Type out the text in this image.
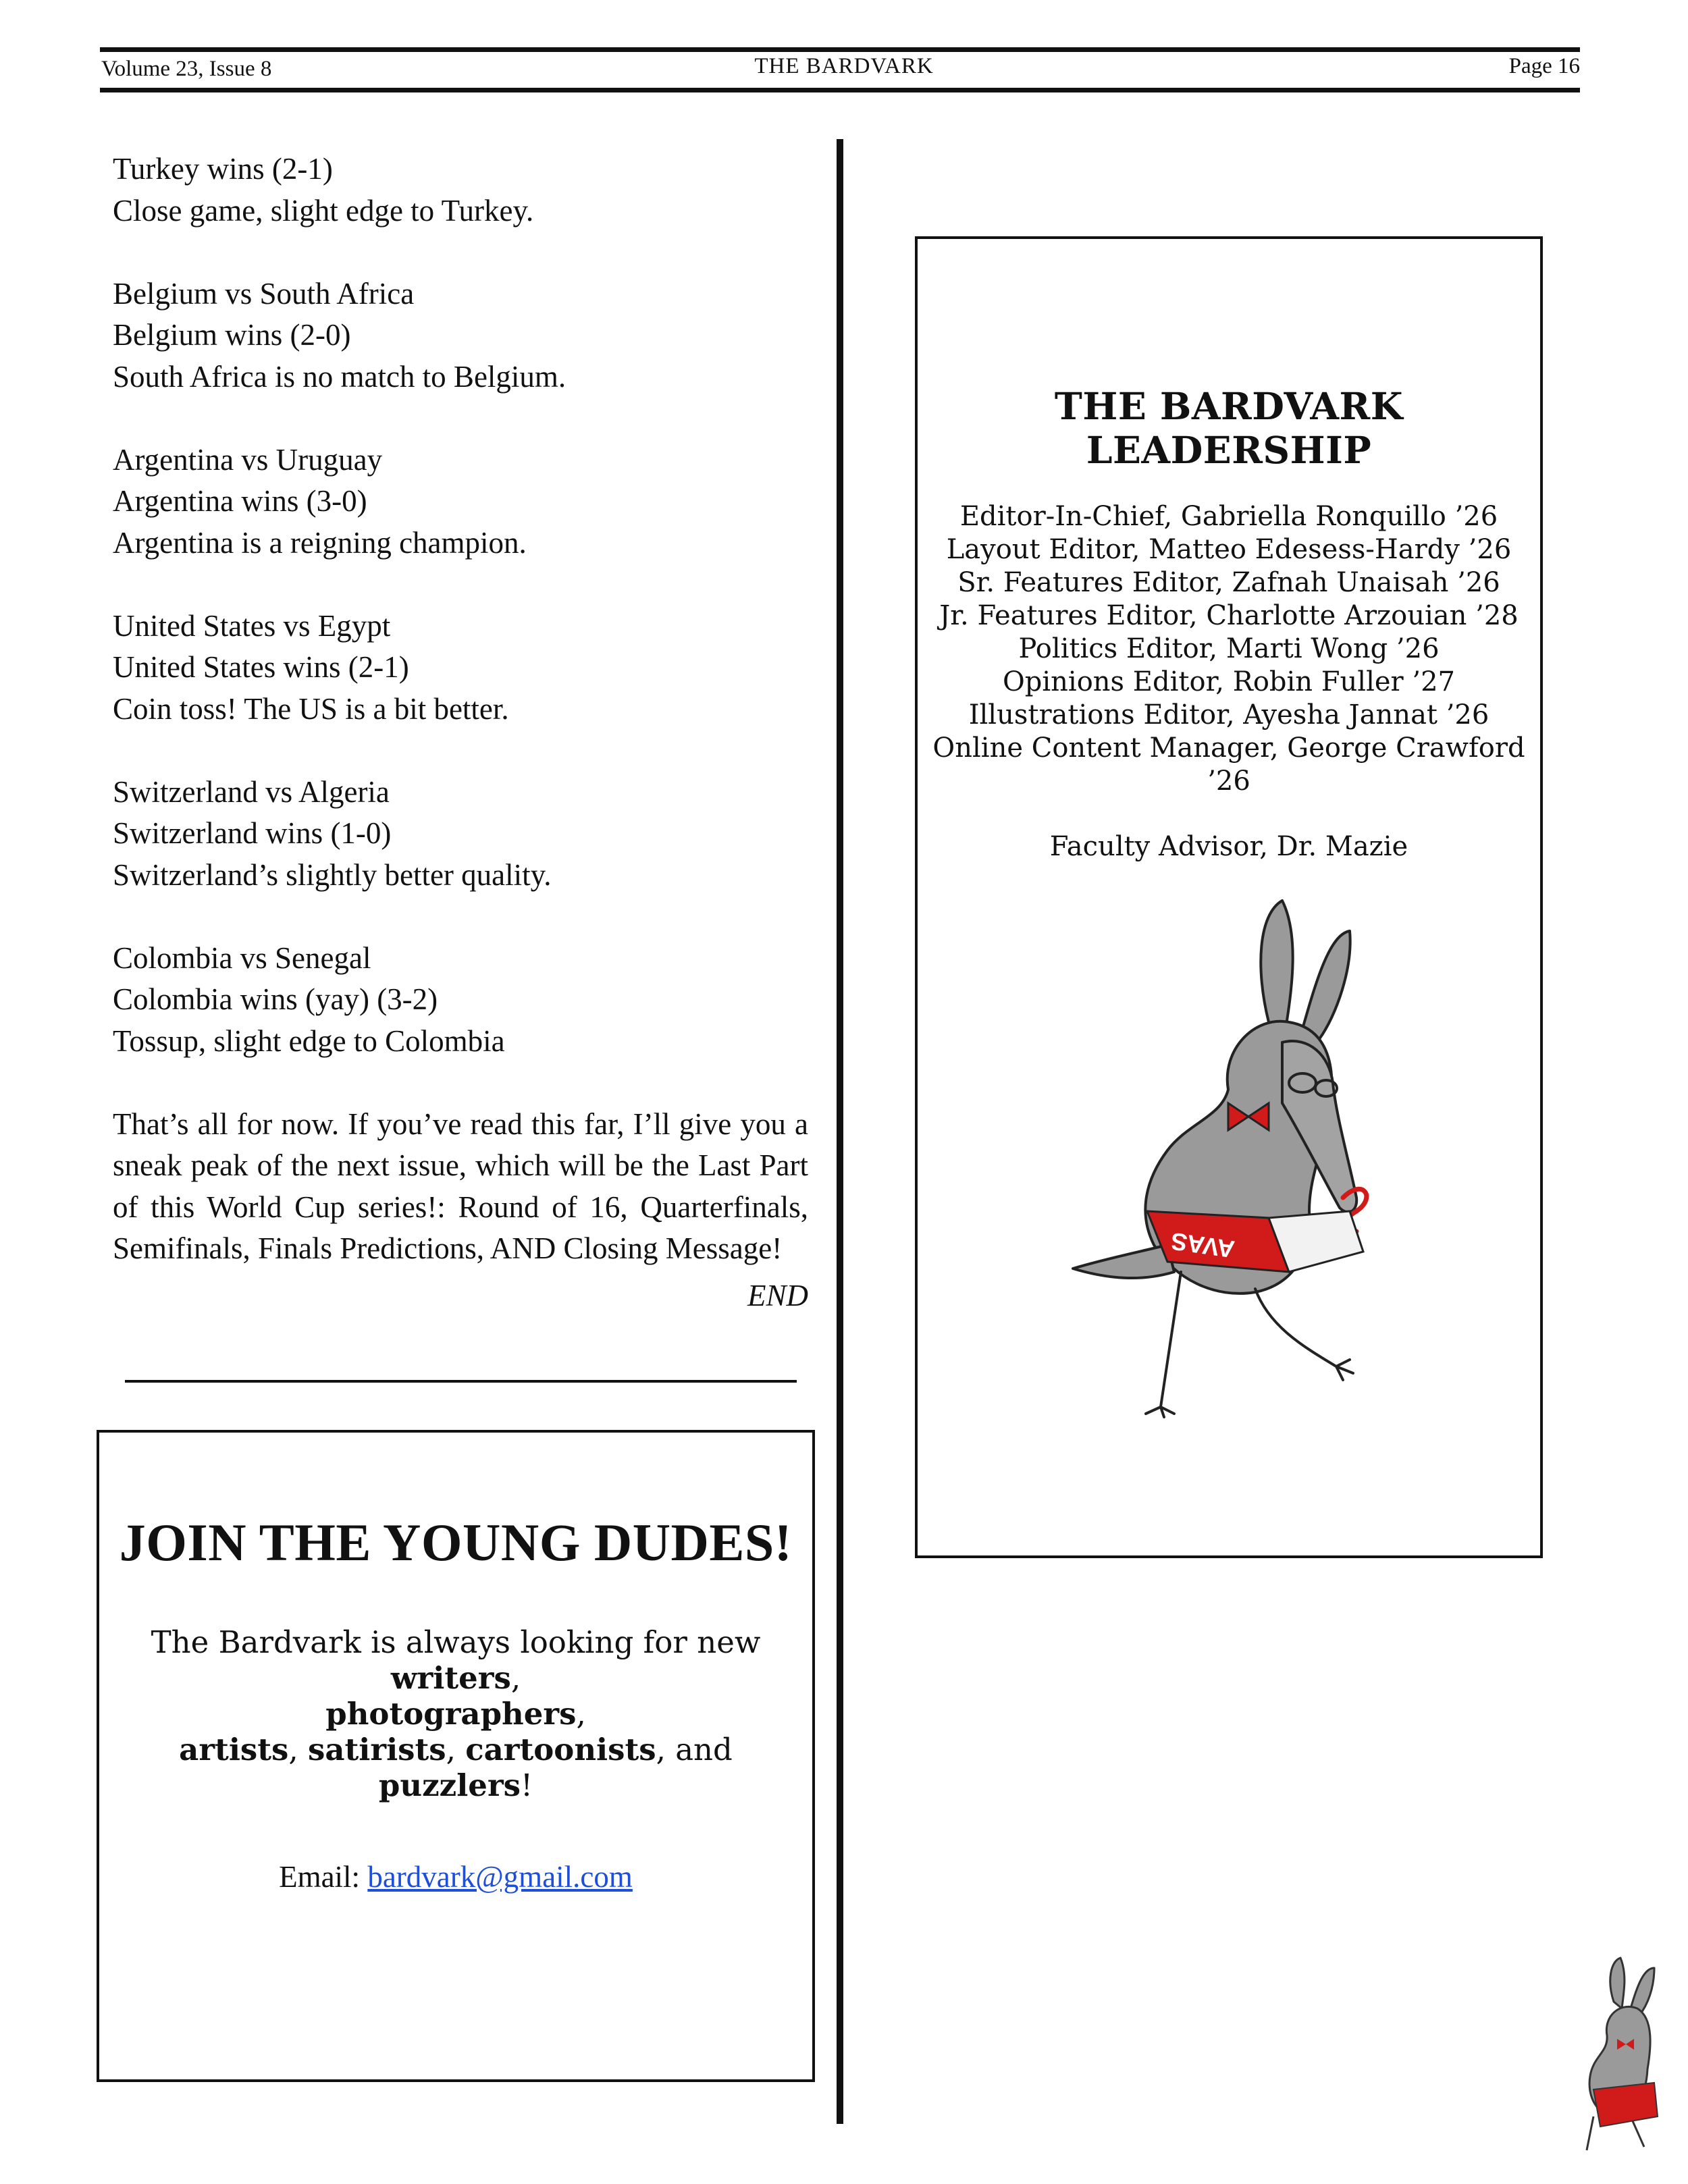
Volume 23, Issue 8	THE BARDVARK	Page 16
Turkey wins (2-1)
Close game, slight edge to Turkey.
Belgium vs South Africa
Belgium wins (2-0)
South Africa is no match to Belgium.
Argentina vs Uruguay
Argentina wins (3-0)
Argentina is a reigning champion.
United States vs Egypt
United States wins (2-1)
Coin toss! The US is a bit better.
Switzerland vs Algeria
Switzerland wins (1-0)
Switzerland’s slightly better quality.
Colombia vs Senegal
Colombia wins (yay) (3-2)
Tossup, slight edge to Colombia
That’s all for now. If you’ve read this far, I’ll give you a sneak peak of the next issue, which will be the Last Part of this World Cup series!: Round of 16, Quarterfinals, Semifinals, Finals Predictions, AND Closing Message!
END
JOIN THE YOUNG DUDES!
The Bardvark is always looking for new writers,
photographers,
artists, satirists, cartoonists, and puzzlers!
Email: bardvark@gmail.com
THE BARDVARK LEADERSHIP
Editor-In-Chief, Gabriella Ronquillo ’26
Layout Editor, Matteo Edesess-Hardy ’26
Sr. Features Editor, Zafnah Unaisah ’26
Jr. Features Editor, Charlotte Arzouian ’28
Politics Editor, Marti Wong ’26
Opinions Editor, Robin Fuller ’27
Illustrations Editor, Ayesha Jannat ’26
Online Content Manager, George Crawford ’26
Faculty Advisor, Dr. Mazie
AVAS
